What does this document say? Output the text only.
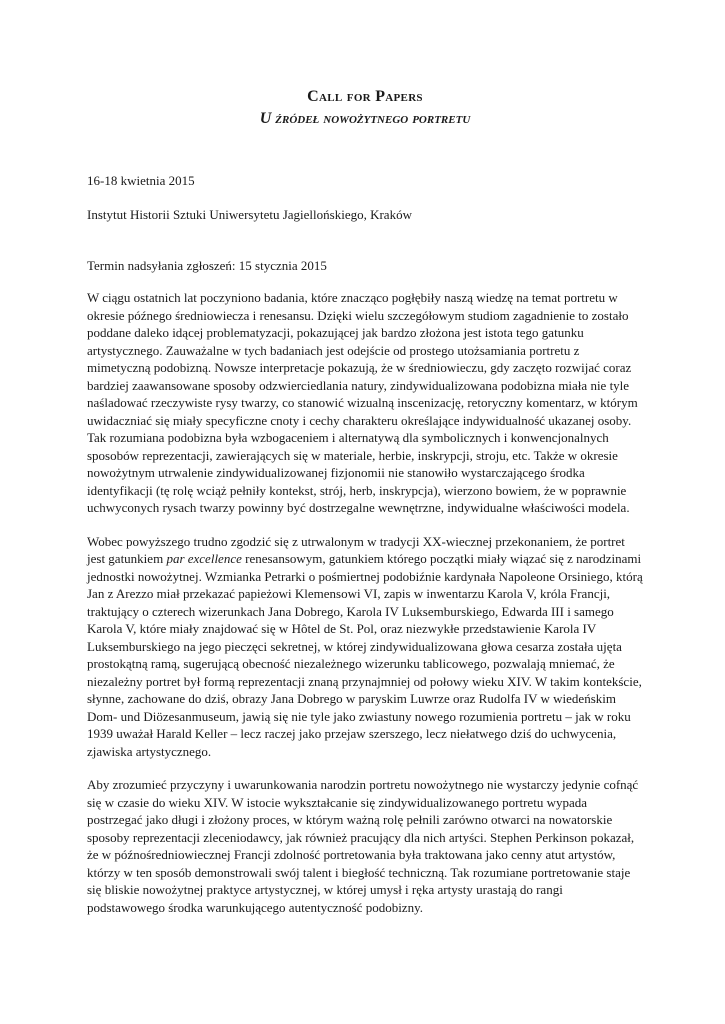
Call for Papers

U źródeł nowożytnego portretu

16-18 kwietnia 2015

Instytut Historii Sztuki Uniwersytetu Jagiellońskiego, Kraków

Termin nadsyłania zgłoszeń: 15 stycznia 2015

W ciągu ostatnich lat poczyniono badania, które znacząco pogłębiły naszą wiedzę na temat portretu w okresie późnego średniowiecza i renesansu. Dzięki wielu szczegółowym studiom zagadnienie to zostało poddane daleko idącej problematyzacji, pokazującej jak bardzo złożona jest istota tego gatunku artystycznego. Zauważalne w tych badaniach jest odejście od prostego utożsamiania portretu z mimetyczną podobizną. Nowsze interpretacje pokazują, że w średniowieczu, gdy zaczęto rozwijać coraz bardziej zaawansowane sposoby odzwierciedlania natury, zindywidualizowana podobizna miała nie tyle naśladować rzeczywiste rysy twarzy, co stanowić wizualną inscenizację, retoryczny komentarz, w którym uwidaczniać się miały specyficzne cnoty i cechy charakteru określające indywidualność ukazanej osoby. Tak rozumiana podobizna była wzbogaceniem i alternatywą dla symbolicznych i konwencjonalnych sposobów reprezentacji, zawierających się w materiale, herbie, inskrypcji, stroju, etc. Także w okresie nowożytnym utrwalenie zindywidualizowanej fizjonomii nie stanowiło wystarczającego środka identyfikacji (tę rolę wciąż pełniły kontekst, strój, herb, inskrypcja), wierzono bowiem, że w poprawnie uchwyconych rysach twarzy powinny być dostrzegalne wewnętrzne, indywidualne właściwości modela.

Wobec powyższego trudno zgodzić się z utrwalonym w tradycji XX-wiecznej przekonaniem, że portret jest gatunkiem par excellence renesansowym, gatunkiem którego początki miały wiązać się z narodzinami jednostki nowożytnej. Wzmianka Petrarki o pośmiertnej podobiźnie kardynała Napoleone Orsiniego, którą Jan z Arezzo miał przekazać papieżowi Klemensowi VI, zapis w inwentarzu Karola V, króla Francji, traktujący o czterech wizerunkach Jana Dobrego, Karola IV Luksemburskiego, Edwarda III i samego Karola V, które miały znajdować się w Hôtel de St. Pol, oraz niezwykłe przedstawienie Karola IV Luksemburskiego na jego pieczęci sekretnej, w której zindywidualizowana głowa cesarza została ujęta prostokątną ramą, sugerującą obecność niezależnego wizerunku tablicowego, pozwalają mniemać, że niezależny portret był formą reprezentacji znaną przynajmniej od połowy wieku XIV. W takim kontekście, słynne, zachowane do dziś, obrazy Jana Dobrego w paryskim Luwrze oraz Rudolfa IV w wiedeńskim Dom- und Diözesanmuseum, jawią się nie tyle jako zwiastuny nowego rozumienia portretu – jak w roku 1939 uważał Harald Keller – lecz raczej jako przejaw szerszego, lecz niełatwego dziś do uchwycenia, zjawiska artystycznego.

Aby zrozumieć przyczyny i uwarunkowania narodzin portretu nowożytnego nie wystarczy jedynie cofnąć się w czasie do wieku XIV. W istocie wykształcanie się zindywidualizowanego portretu wypada postrzegać jako długi i złożony proces, w którym ważną rolę pełnili zarówno otwarci na nowatorskie sposoby reprezentacji zleceniodawcy, jak również pracujący dla nich artyści. Stephen Perkinson pokazał, że w późnośredniowiecznej Francji zdolność portretowania była traktowana jako cenny atut artystów, którzy w ten sposób demonstrowali swój talent i biegłość techniczną. Tak rozumiane portretowanie staje się bliskie nowożytnej praktyce artystycznej, w której umysł i ręka artysty urastają do rangi podstawowego środka warunkującego autentyczność podobizny.
